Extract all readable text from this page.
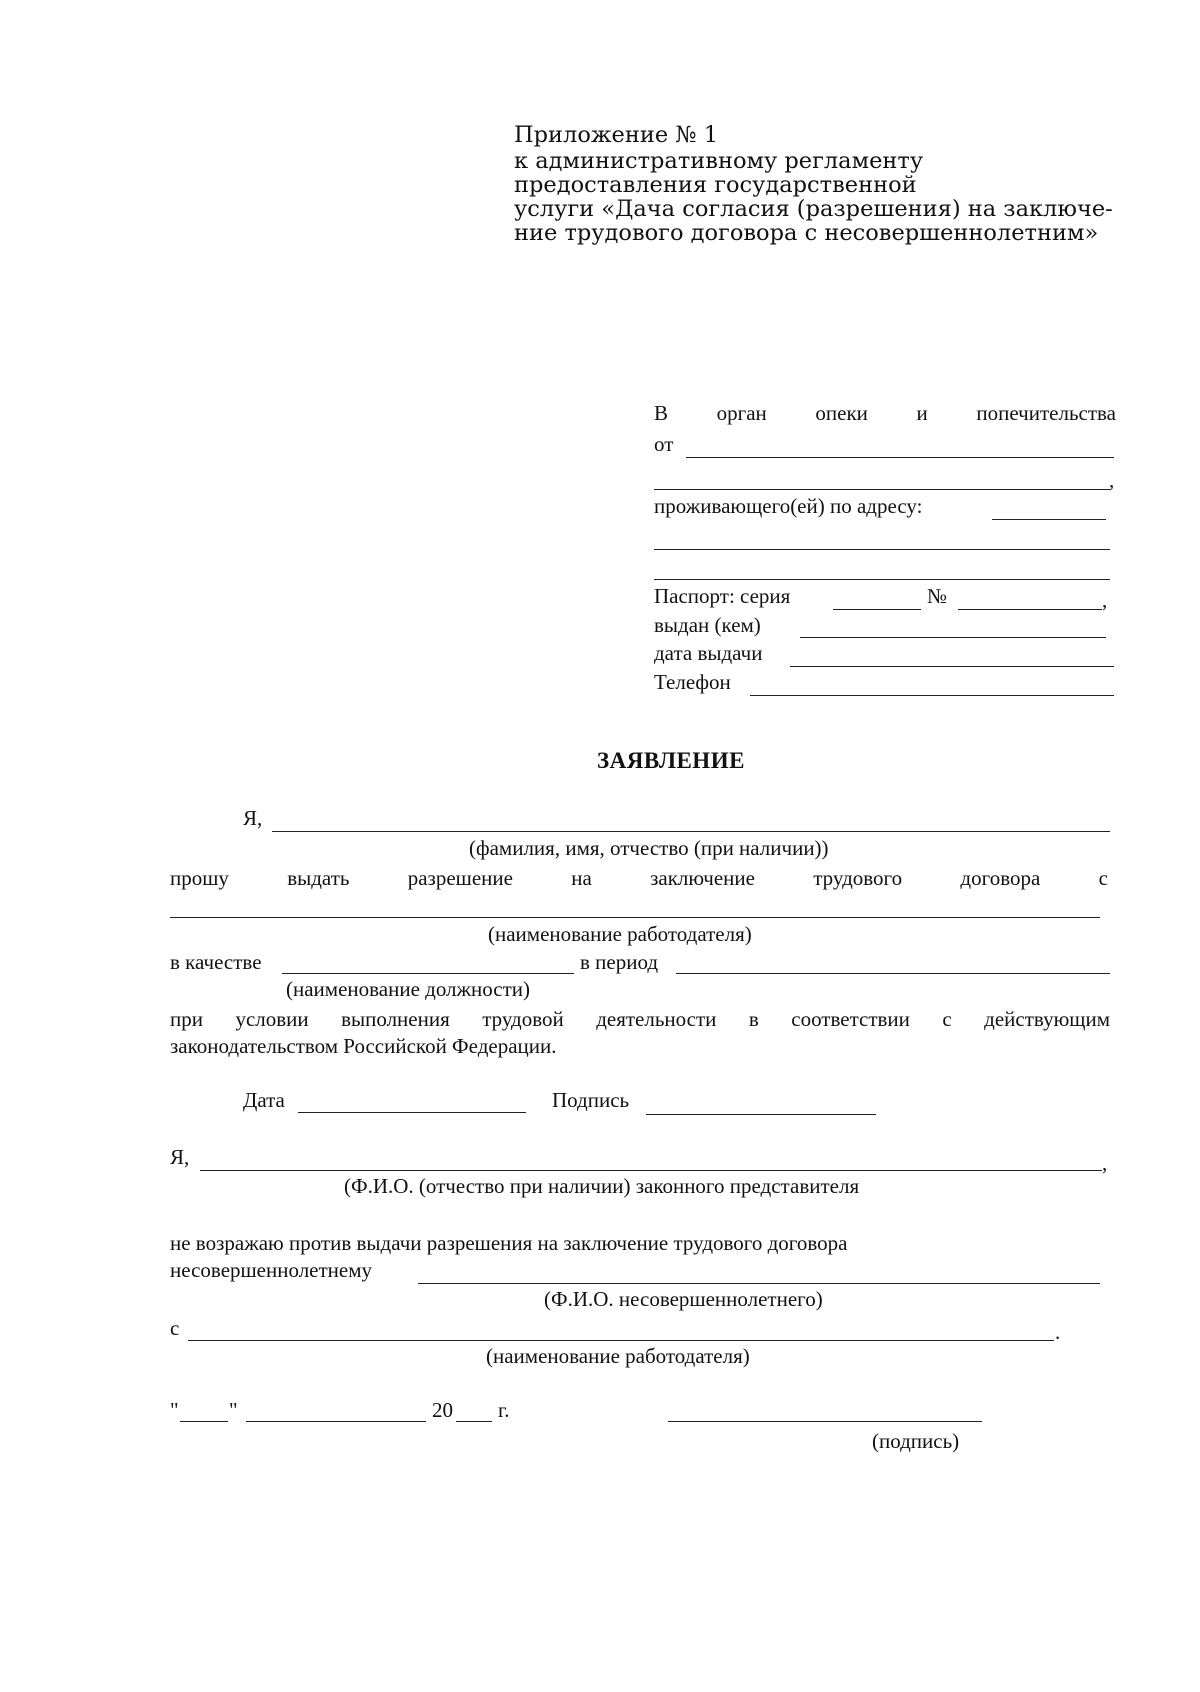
Приложение № 1
к административному регламенту
предоставления государственной
услуги «Дача согласия (разрешения) на заключе-
ние трудового договора с несовершеннолетним»
В орган опеки и попечительства
от
,
проживающего(ей) по адресу:
Паспорт: серия	№	,
выдан (кем)
дата выдачи
Телефон
ЗАЯВЛЕНИЕ
Я,
(фамилия, имя, отчество (при наличии))
прошу	выдать	разрешение	на	заключение	трудового	договора	с
(наименование работодателя)
в качестве	в период
(наименование должности)
при условии выполнения трудовой деятельности в соответствии с действующим
законодательством Российской Федерации.
Дата	Подпись
Я,	,
(Ф.И.О. (отчество при наличии) законного представителя
не возражаю против выдачи разрешения на заключение трудового договора
несовершеннолетнему
(Ф.И.О. несовершеннолетнего)
с	.
(наименование работодателя)
" "	20 г.
(подпись)
